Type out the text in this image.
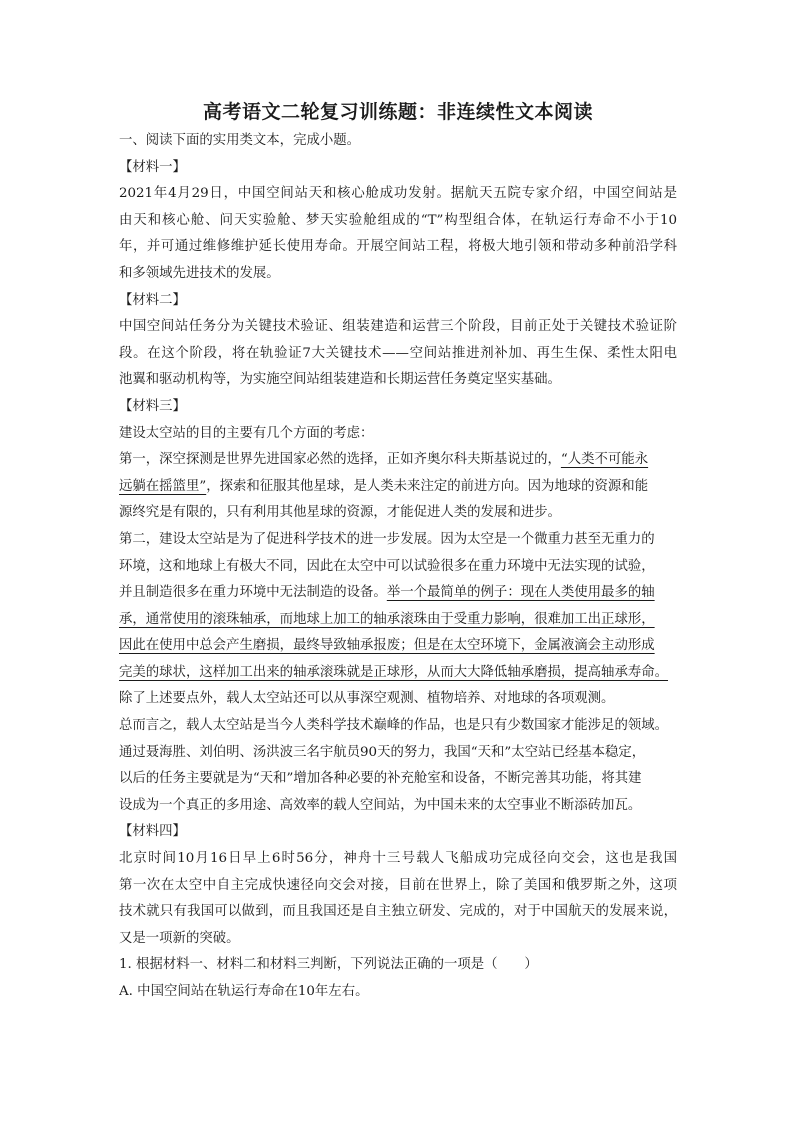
高考语文二轮复习训练题：非连续性文本阅读
一、阅读下面的实用类文本，完成小题。
【材料一】
2021年4月29日，中国空间站天和核心舱成功发射。据航天五院专家介绍，中国空间站是
由天和核心舱、问天实验舱、梦天实验舱组成的“T”构型组合体，在轨运行寿命不小于10
年，并可通过维修维护延长使用寿命。开展空间站工程，将极大地引领和带动多种前沿学科
和多领域先进技术的发展。
【材料二】
中国空间站任务分为关键技术验证、组装建造和运营三个阶段，目前正处于关键技术验证阶
段。在这个阶段，将在轨验证7大关键技术——空间站推进剂补加、再生生保、柔性太阳电
池翼和驱动机构等，为实施空间站组装建造和长期运营任务奠定坚实基础。
【材料三】
建设太空站的目的主要有几个方面的考虑：
第一，深空探测是世界先进国家必然的选择，正如齐奥尔科夫斯基说过的，“人类不可能永
远躺在摇篮里”，探索和征服其他星球，是人类未来注定的前进方向。因为地球的资源和能
源终究是有限的，只有利用其他星球的资源，才能促进人类的发展和进步。
第二，建设太空站是为了促进科学技术的进一步发展。因为太空是一个微重力甚至无重力的
环境，这和地球上有极大不同，因此在太空中可以试验很多在重力环境中无法实现的试验，
并且制造很多在重力环境中无法制造的设备。举一个最简单的例子：现在人类使用最多的轴
承，通常使用的滚珠轴承，而地球上加工的轴承滚珠由于受重力影响，很难加工出正球形，
因此在使用中总会产生磨损，最终导致轴承报废；但是在太空环境下，金属液滴会主动形成
完美的球状，这样加工出来的轴承滚珠就是正球形，从而大大降低轴承磨损，提高轴承寿命。
除了上述要点外，载人太空站还可以从事深空观测、植物培养、对地球的各项观测。
总而言之，载人太空站是当今人类科学技术巅峰的作品，也是只有少数国家才能涉足的领域。
通过聂海胜、刘伯明、汤洪波三名宇航员90天的努力，我国“天和”太空站已经基本稳定，
以后的任务主要就是为“天和”增加各种必要的补充舱室和设备，不断完善其功能，将其建
设成为一个真正的多用途、高效率的载人空间站，为中国未来的太空事业不断添砖加瓦。
【材料四】
北京时间10月16日早上6时56分，神舟十三号载人飞船成功完成径向交会，这也是我国
第一次在太空中自主完成快速径向交会对接，目前在世界上，除了美国和俄罗斯之外，这项
技术就只有我国可以做到，而且我国还是自主独立研发、完成的，对于中国航天的发展来说，
又是一项新的突破。
1. 根据材料一、材料二和材料三判断，下列说法正确的一项是（　　）
A. 中国空间站在轨运行寿命在10年左右。
